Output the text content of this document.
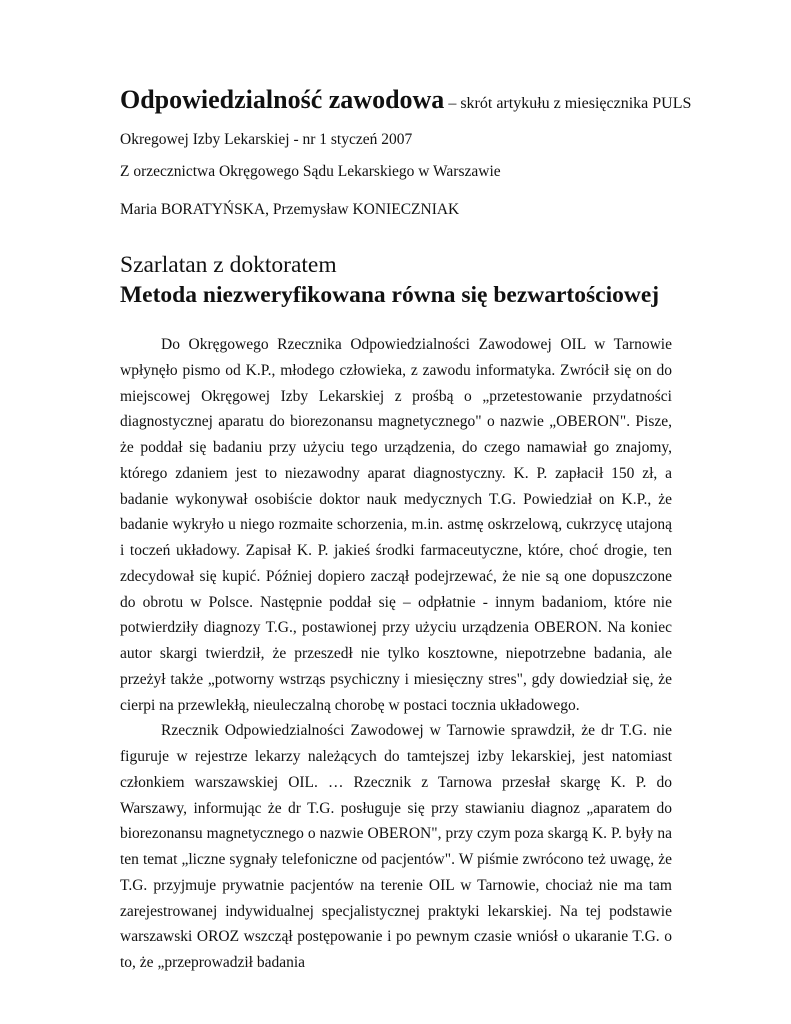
Odpowiedzialność zawodowa – skrót artykułu z miesięcznika PULS

Okregowej Izby Lekarskiej - nr 1 styczeń 2007

Z orzecznictwa Okręgowego Sądu Lekarskiego w Warszawie

Maria BORATYŃSKA, Przemysław KONIECZNIAK

Szarlatan z doktoratem
Metoda niezweryfikowana równa się bezwartościowej

Do Okręgowego Rzecznika Odpowiedzialności Zawodowej OIL w Tarnowie wpłynęło pismo od K.P., młodego człowieka, z zawodu informatyka. Zwrócił się on do miejscowej Okręgowej Izby Lekarskiej z prośbą o „przetestowanie przydatności diagnostycznej aparatu do biorezonansu magnetycznego" o nazwie „OBERON". Pisze, że poddał się badaniu przy użyciu tego urządzenia, do czego namawiał go znajomy, którego zdaniem jest to niezawodny aparat diagnostyczny. K. P. zapłacił 150 zł, a badanie wykonywał osobiście doktor nauk medycznych T.G. Powiedział on K.P., że badanie wykryło u niego rozmaite schorzenia, m.in. astmę oskrzelową, cukrzycę utajoną i toczeń układowy. Zapisał K. P. jakieś środki farmaceutyczne, które, choć drogie, ten zdecydował się kupić. Później dopiero zaczął podejrzewać, że nie są one dopuszczone do obrotu w Polsce. Następnie poddał się – odpłatnie - innym badaniom, które nie potwierdziły diagnozy T.G., postawionej przy użyciu urządzenia OBERON. Na koniec autor skargi twierdził, że przeszedł nie tylko kosztowne, niepotrzebne badania, ale przeżył także „potworny wstrząs psychiczny i miesięczny stres", gdy dowiedział się, że cierpi na przewlekłą, nieuleczalną chorobę w postaci tocznia układowego.

Rzecznik Odpowiedzialności Zawodowej w Tarnowie sprawdził, że dr T.G. nie figuruje w rejestrze lekarzy należących do tamtejszej izby lekarskiej, jest natomiast członkiem warszawskiej OIL. … Rzecznik z Tarnowa przesłał skargę K. P. do Warszawy, informując że dr T.G. posługuje się przy stawianiu diagnoz „aparatem do biorezonansu magnetycznego o nazwie OBERON", przy czym poza skargą K. P. były na ten temat „liczne sygnały telefoniczne od pacjentów". W piśmie zwrócono też uwagę, że T.G. przyjmuje prywatnie pacjentów na terenie OIL w Tarnowie, chociaż nie ma tam zarejestrowanej indywidualnej specjalistycznej praktyki lekarskiej. Na tej podstawie warszawski OROZ wszczął postępowanie i po pewnym czasie wniósł o ukaranie T.G. o to, że „przeprowadził badania
